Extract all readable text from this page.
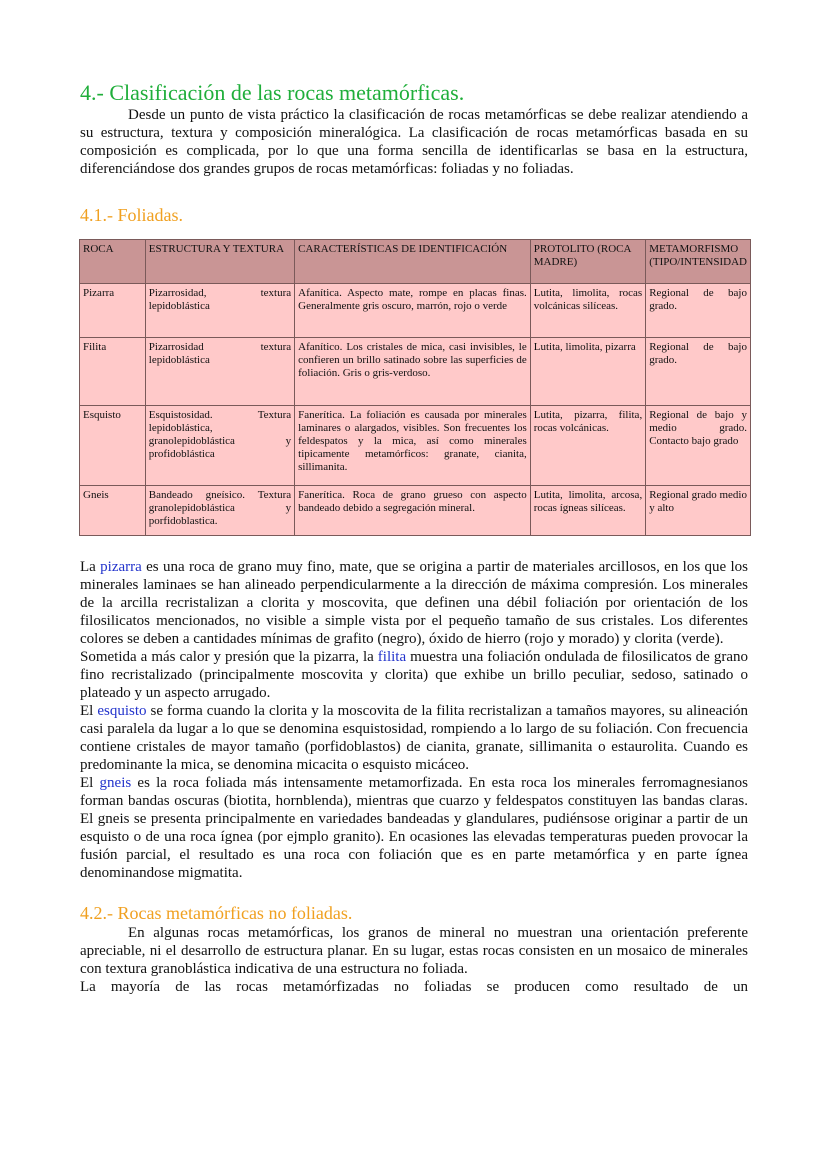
4.- Clasificación de las rocas metamórficas.

Desde un punto de vista práctico la clasificación de rocas metamórficas se debe realizar atendiendo a su estructura, textura y composición mineralógica. La clasificación de rocas metamórficas basada en su composición es complicada, por lo que una forma sencilla de identificarlas se basa en la estructura, diferenciándose dos grandes grupos de rocas metamórficas: foliadas y no foliadas.

4.1.- Foliadas.
ROCA	ESTRUCTURA Y TEXTURA	CARACTERÍSTICAS DE IDENTIFICACIÓN	PROTOLITO (ROCA MADRE)	METAMORFISMO (TIPO/INTENSIDAD
Pizarra	Pizarrosidad, textura lepidoblástica	Afanítica. Aspecto mate, rompe en placas finas. Generalmente gris oscuro, marrón, rojo o verde	Lutita, limolita, rocas volcánicas silíceas.	Regional de bajo grado.
Filita	Pizarrosidad textura lepidoblástica	Afanítico. Los cristales de mica, casi invisibles, le confieren un brillo satinado sobre las superficies de foliación. Gris o gris-verdoso.	Lutita, limolita, pizarra	Regional de bajo grado.
Esquisto	Esquistosidad. Textura lepidoblástica, granolepidoblástica y profidoblástica	Fanerítica. La foliación es causada por minerales laminares o alargados, visibles. Son frecuentes los feldespatos y la mica, así como minerales tipicamente metamórficos: granate, cianita, sillimanita.	Lutita, pizarra, filita, rocas volcánicas.	Regional de bajo y medio grado. Contacto bajo grado
Gneis	Bandeado gneísico. Textura granolepidoblástica y porfidoblastica.	Fanerítica. Roca de grano grueso con aspecto bandeado debido a segregación mineral.	Lutita, limolita, arcosa, rocas ígneas silíceas.	Regional grado medio y alto

La pizarra es una roca de grano muy fino, mate, que se origina a partir de materiales arcillosos, en los que los minerales laminaes se han alineado perpendicularmente a la dirección de máxima compresión. Los minerales de la arcilla recristalizan a clorita y moscovita, que definen una débil foliación por orientación de los filosilicatos mencionados, no visible a simple vista por el pequeño tamaño de sus cristales. Los diferentes colores se deben a cantidades mínimas de grafito (negro), óxido de hierro (rojo y morado) y clorita (verde).

Sometida a más calor y presión que la pizarra, la filita muestra una foliación ondulada de filosilicatos de grano fino recristalizado (principalmente moscovita y clorita) que exhibe un brillo peculiar, sedoso, satinado o plateado y un aspecto arrugado.

El esquisto se forma cuando la clorita y la moscovita de la filita recristalizan a tamaños mayores, su alineación casi paralela da lugar a lo que se denomina esquistosidad, rompiendo a lo largo de su foliación. Con frecuencia contiene cristales de mayor tamaño (porfidoblastos) de cianita, granate, sillimanita o estaurolita. Cuando es predominante la mica, se denomina micacita o esquisto micáceo.

El gneis es la roca foliada más intensamente metamorfizada. En esta roca los minerales ferromagnesianos forman bandas oscuras (biotita, hornblenda), mientras que cuarzo y feldespatos constituyen las bandas claras. El gneis se presenta principalmente en variedades bandeadas y glandulares, pudiénsose originar a partir de un esquisto o de una roca ígnea (por ejmplo granito). En ocasiones las elevadas temperaturas pueden provocar la fusión parcial, el resultado es una roca con foliación que es en parte metamórfica y en parte ígnea denominandose migmatita.

4.2.- Rocas metamórficas no foliadas.

En algunas rocas metamórficas, los granos de mineral no muestran una orientación preferente apreciable, ni el desarrollo de estructura planar. En su lugar, estas rocas consisten en un mosaico de minerales con textura granoblástica indicativa de una estructura no foliada.

La mayoría de las rocas metamórfizadas no foliadas se producen como resultado de un
